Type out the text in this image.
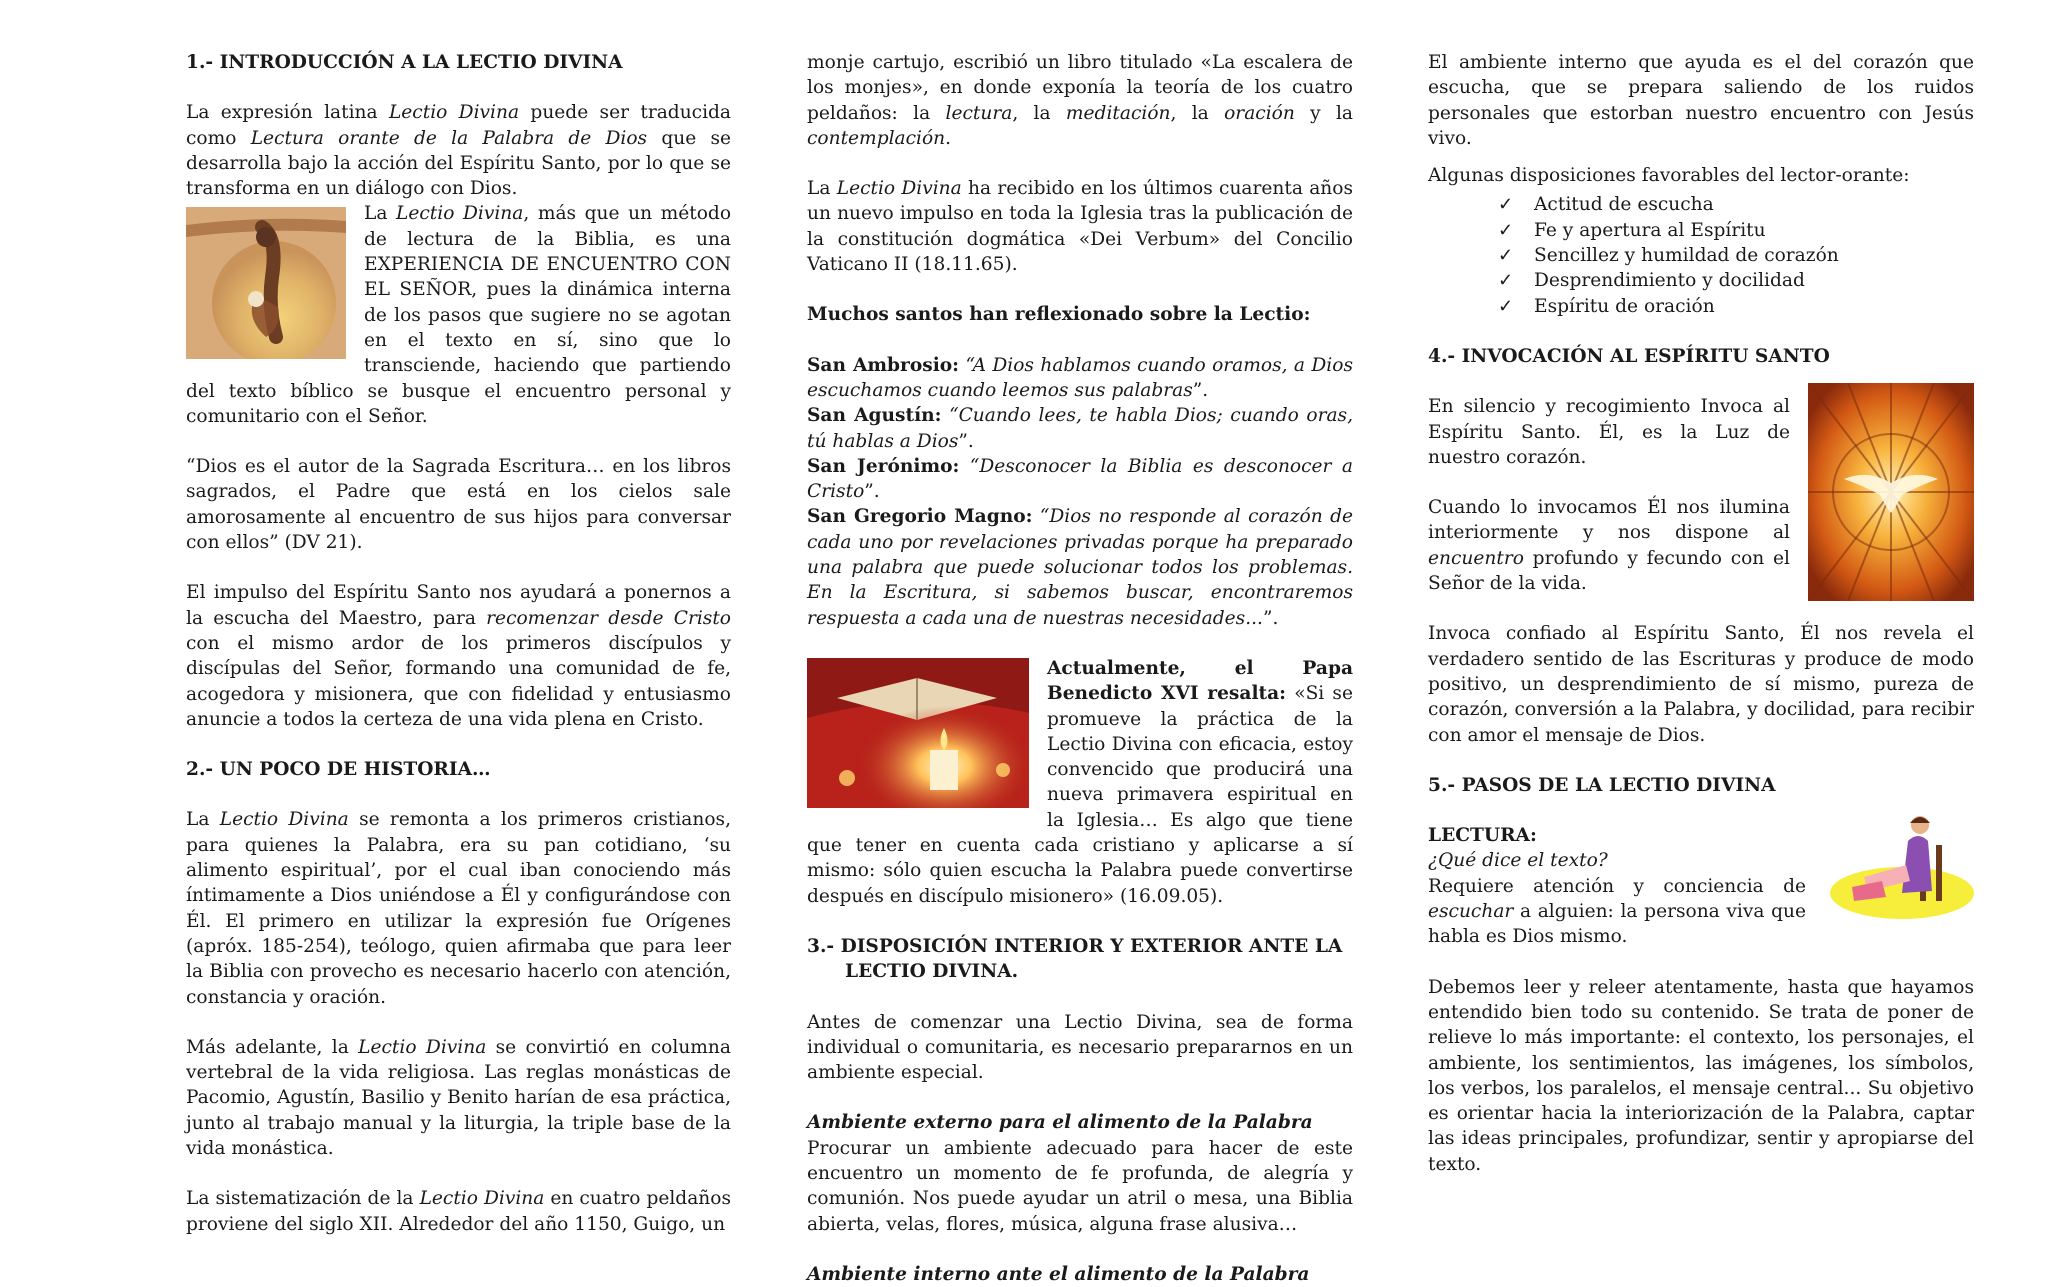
1.- INTRODUCCIÓN A LA LECTIO DIVINA

La expresión latina Lectio Divina puede ser traducida como Lectura orante de la Palabra de Dios que se desarrolla bajo la acción del Espíritu Santo, por lo que se transforma en un diálogo con Dios.

La Lectio Divina, más que un método de lectura de la Biblia, es una EXPERIENCIA DE ENCUENTRO CON EL SEÑOR, pues la dinámica interna de los pasos que sugiere no se agotan en el texto en sí, sino que lo transciende, haciendo que partiendo del texto bíblico se busque el encuentro personal y comunitario con el Señor.

“Dios es el autor de la Sagrada Escritura… en los libros sagrados, el Padre que está en los cielos sale amorosamente al encuentro de sus hijos para conversar con ellos” (DV 21).

El impulso del Espíritu Santo nos ayudará a ponernos a la escucha del Maestro, para recomenzar desde Cristo con el mismo ardor de los primeros discípulos y discípulas del Señor, formando una comunidad de fe, acogedora y misionera, que con fidelidad y entusiasmo anuncie a todos la certeza de una vida plena en Cristo.

2.- UN POCO DE HISTORIA…

La Lectio Divina se remonta a los primeros cristianos, para quienes la Palabra, era su pan cotidiano, ‘su alimento espiritual’, por el cual iban conociendo más íntimamente a Dios uniéndose a Él y configurándose con Él. El primero en utilizar la expresión fue Orígenes (apróx. 185-254), teólogo, quien afirmaba que para leer la Biblia con provecho es necesario hacerlo con atención, constancia y oración.

Más adelante, la Lectio Divina se convirtió en columna vertebral de la vida religiosa. Las reglas monásticas de Pacomio, Agustín, Basilio y Benito harían de esa práctica, junto al trabajo manual y la liturgia, la triple base de la vida monástica.

La sistematización de la Lectio Divina en cuatro peldaños proviene del siglo XII. Alrededor del año 1150, Guigo, un

monje cartujo, escribió un libro titulado «La escalera de los monjes», en donde exponía la teoría de los cuatro peldaños: la lectura, la meditación, la oración y la contemplación.

La Lectio Divina ha recibido en los últimos cuarenta años un nuevo impulso en toda la Iglesia tras la publicación de la constitución dogmática «Dei Verbum» del Concilio Vaticano II (18.11.65).

Muchos santos han reflexionado sobre la Lectio:

San Ambrosio: “A Dios hablamos cuando oramos, a Dios escuchamos cuando leemos sus palabras”.

San Agustín: “Cuando lees, te habla Dios; cuando oras, tú hablas a Dios”.

San Jerónimo: “Desconocer la Biblia es desconocer a Cristo”.

San Gregorio Magno: “Dios no responde al corazón de cada uno por revelaciones privadas porque ha preparado una palabra que puede solucionar todos los problemas. En la Escritura, si sabemos buscar, encontraremos respuesta a cada una de nuestras necesidades...”.

Actualmente, el Papa Benedicto XVI resalta: «Si se promueve la práctica de la Lectio Divina con eficacia, estoy convencido que producirá una nueva primavera espiritual en la Iglesia… Es algo que tiene que tener en cuenta cada cristiano y aplicarse a sí mismo: sólo quien escucha la Palabra puede convertirse después en discípulo misionero» (16.09.05).

3.- DISPOSICIÓN INTERIOR Y EXTERIOR ANTE LA
LECTIO DIVINA.

Antes de comenzar una Lectio Divina, sea de forma individual o comunitaria, es necesario prepararnos en un ambiente especial.

Ambiente externo para el alimento de la Palabra

Procurar un ambiente adecuado para hacer de este encuentro un momento de fe profunda, de alegría y comunión. Nos puede ayudar un atril o mesa, una Biblia abierta, velas, flores, música, alguna frase alusiva…

Ambiente interno ante el alimento de la Palabra

El ambiente interno que ayuda es el del corazón que escucha, que se prepara saliendo de los ruidos personales que estorban nuestro encuentro con Jesús vivo.

Algunas disposiciones favorables del lector-orante:

✓	Actitud de escucha
✓	Fe y apertura al Espíritu
✓	Sencillez y humildad de corazón
✓	Desprendimiento y docilidad
✓	Espíritu de oración
4.- INVOCACIÓN AL ESPÍRITU SANTO

En silencio y recogimiento Invoca al Espíritu Santo. Él, es la Luz de nuestro corazón.

Cuando lo invocamos Él nos ilumina interiormente y nos dispone al encuentro profundo y fecundo con el Señor de la vida.

Invoca confiado al Espíritu Santo, Él nos revela el verdadero sentido de las Escrituras y produce de modo positivo, un desprendimiento de sí mismo, pureza de corazón, conversión a la Palabra, y docilidad, para recibir con amor el mensaje de Dios.

5.- PASOS DE LA LECTIO DIVINA

LECTURA:

¿Qué dice el texto?

Requiere atención y conciencia de escuchar a alguien: la persona viva que habla es Dios mismo.

Debemos leer y releer atentamente, hasta que hayamos entendido bien todo su contenido. Se trata de poner de relieve lo más importante: el contexto, los personajes, el ambiente, los sentimientos, las imágenes, los símbolos, los verbos, los paralelos, el mensaje central... Su objetivo es orientar hacia la interiorización de la Palabra, captar las ideas principales, profundizar, sentir y apropiarse del texto.
